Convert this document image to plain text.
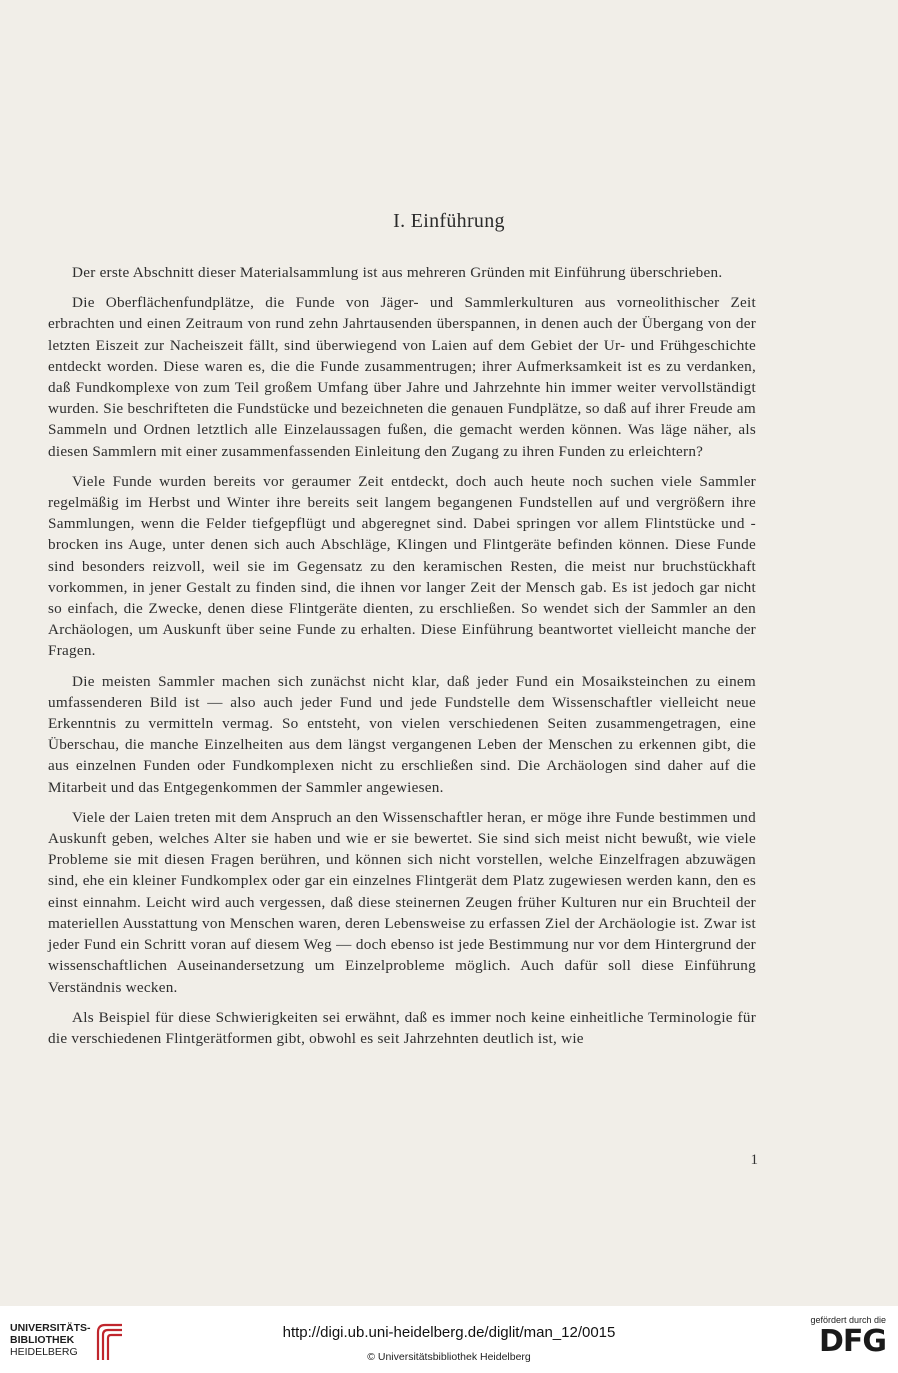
I. Einführung

Der erste Abschnitt dieser Materialsammlung ist aus mehreren Gründen mit Einführung überschrieben.

Die Oberflächenfundplätze, die Funde von Jäger- und Sammlerkulturen aus vorneolithischer Zeit erbrachten und einen Zeitraum von rund zehn Jahrtausenden überspannen, in denen auch der Übergang von der letzten Eiszeit zur Nacheiszeit fällt, sind überwiegend von Laien auf dem Gebiet der Ur- und Frühgeschichte entdeckt worden. Diese waren es, die die Funde zusammentrugen; ihrer Aufmerksamkeit ist es zu verdanken, daß Fundkomplexe von zum Teil großem Umfang über Jahre und Jahrzehnte hin immer weiter vervollständigt wurden. Sie beschrifteten die Fundstücke und bezeichneten die genauen Fundplätze, so daß auf ihrer Freude am Sammeln und Ordnen letztlich alle Einzelaussagen fußen, die gemacht werden können. Was läge näher, als diesen Sammlern mit einer zusammenfassenden Einleitung den Zugang zu ihren Funden zu erleichtern?

Viele Funde wurden bereits vor geraumer Zeit entdeckt, doch auch heute noch suchen viele Sammler regelmäßig im Herbst und Winter ihre bereits seit langem begangenen Fundstellen auf und vergrößern ihre Sammlungen, wenn die Felder tiefgepflügt und abgeregnet sind. Dabei springen vor allem Flintstücke und -brocken ins Auge, unter denen sich auch Abschläge, Klingen und Flintgeräte befinden können. Diese Funde sind besonders reizvoll, weil sie im Gegensatz zu den keramischen Resten, die meist nur bruchstückhaft vorkommen, in jener Gestalt zu finden sind, die ihnen vor langer Zeit der Mensch gab. Es ist jedoch gar nicht so einfach, die Zwecke, denen diese Flintgeräte dienten, zu erschließen. So wendet sich der Sammler an den Archäologen, um Auskunft über seine Funde zu erhalten. Diese Einführung beantwortet vielleicht manche der Fragen.

Die meisten Sammler machen sich zunächst nicht klar, daß jeder Fund ein Mosaiksteinchen zu einem umfassenderen Bild ist — also auch jeder Fund und jede Fundstelle dem Wissenschaftler vielleicht neue Erkenntnis zu vermitteln vermag. So entsteht, von vielen verschiedenen Seiten zusammengetragen, eine Überschau, die manche Einzelheiten aus dem längst vergangenen Leben der Menschen zu erkennen gibt, die aus einzelnen Funden oder Fundkomplexen nicht zu erschließen sind. Die Archäologen sind daher auf die Mitarbeit und das Entgegenkommen der Sammler angewiesen.

Viele der Laien treten mit dem Anspruch an den Wissenschaftler heran, er möge ihre Funde bestimmen und Auskunft geben, welches Alter sie haben und wie er sie bewertet. Sie sind sich meist nicht bewußt, wie viele Probleme sie mit diesen Fragen berühren, und können sich nicht vorstellen, welche Einzelfragen abzuwägen sind, ehe ein kleiner Fundkomplex oder gar ein einzelnes Flintgerät dem Platz zugewiesen werden kann, den es einst einnahm. Leicht wird auch vergessen, daß diese steinernen Zeugen früher Kulturen nur ein Bruchteil der materiellen Ausstattung von Menschen waren, deren Lebensweise zu erfassen Ziel der Archäologie ist. Zwar ist jeder Fund ein Schritt voran auf diesem Weg — doch ebenso ist jede Bestimmung nur vor dem Hintergrund der wissenschaftlichen Auseinandersetzung um Einzelprobleme möglich. Auch dafür soll diese Einführung Verständnis wecken.

Als Beispiel für diese Schwierigkeiten sei erwähnt, daß es immer noch keine einheitliche Terminologie für die verschiedenen Flintgerätformen gibt, obwohl es seit Jahrzehnten deutlich ist, wie

1
UNIVERSITÄTS-
BIBLIOTHEK
HEIDELBERG
http://digi.ub.uni-heidelberg.de/diglit/man_12/0015
© Universitätsbibliothek Heidelberg
gefördert durch die
DFG
